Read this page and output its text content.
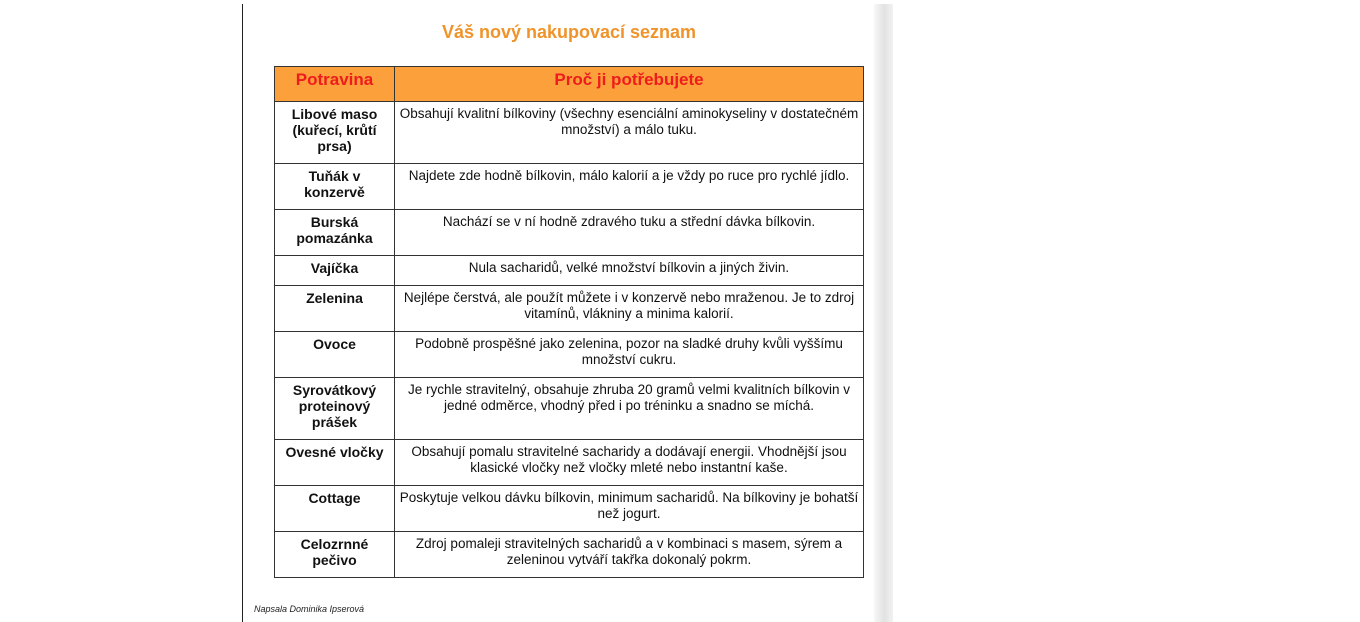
Váš nový nakupovací seznam
Potravina	Proč ji potřebujete
Libové maso (kuřecí, krůtí prsa)	Obsahují kvalitní bílkoviny (všechny esenciální aminokyseliny v dostatečném množství) a málo tuku.
Tuňák v konzervě	Najdete zde hodně bílkovin, málo kalorií a je vždy po ruce pro rychlé jídlo.
Burská pomazánka	Nachází se v ní hodně zdravého tuku a střední dávka bílkovin.
Vajíčka	Nula sacharidů, velké množství bílkovin a jiných živin.
Zelenina	Nejlépe čerstvá, ale použít můžete i v konzervě nebo mraženou. Je to zdroj vitamínů, vlákniny a minima kalorií.
Ovoce	Podobně prospěšné jako zelenina, pozor na sladké druhy kvůli vyššímu množství cukru.
Syrovátkový proteinový prášek	Je rychle stravitelný, obsahuje zhruba 20 gramů velmi kvalitních bílkovin v jedné odměrce, vhodný před i po tréninku a snadno se míchá.
Ovesné vločky	Obsahují pomalu stravitelné sacharidy a dodávají energii. Vhodnější jsou klasické vločky než vločky mleté nebo instantní kaše.
Cottage	Poskytuje velkou dávku bílkovin, minimum sacharidů. Na bílkoviny je bohatší než jogurt.
Celozrnné pečivo	Zdroj pomaleji stravitelných sacharidů a v kombinaci s masem, sýrem a zeleninou vytváří takřka dokonalý pokrm.
Napsala Dominika Ipserová
